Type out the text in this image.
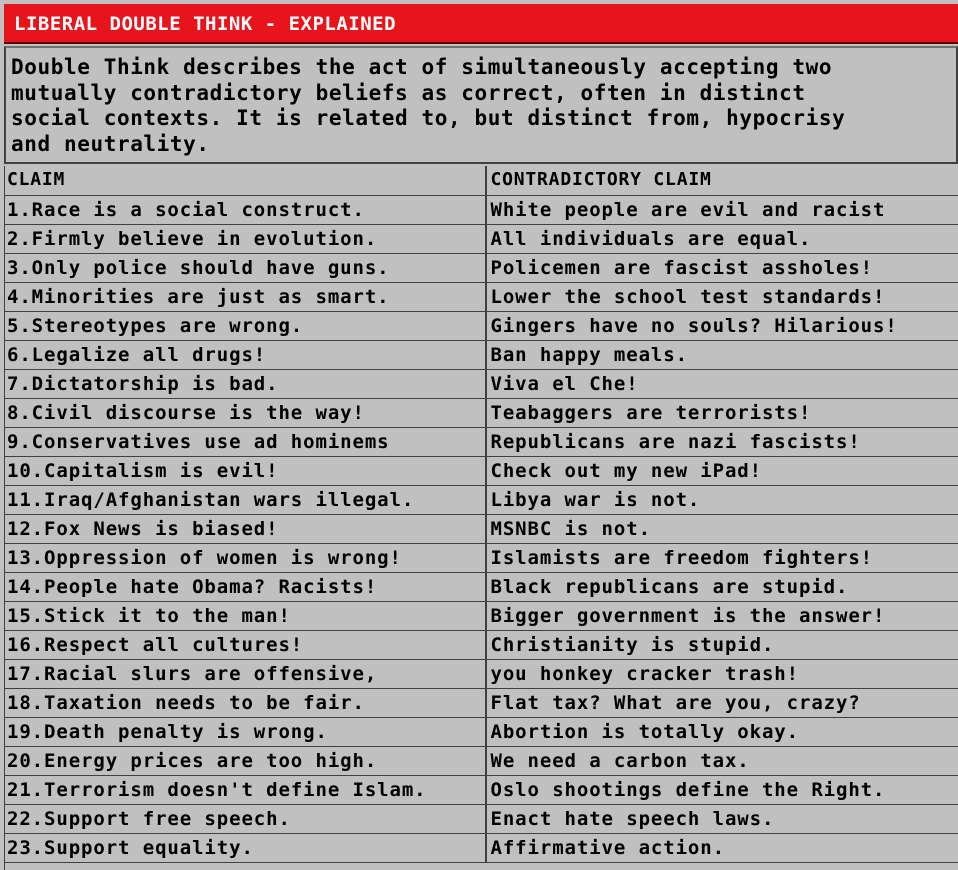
LIBERAL DOUBLE THINK - EXPLAINED
Double Think describes the act of simultaneously accepting two
mutually contradictory beliefs as correct, often in distinct
social contexts. It is related to, but distinct from, hypocrisy
and neutrality.
CLAIM	CONTRADICTORY CLAIM
1.Race is a social construct.	White people are evil and racist
2.Firmly believe in evolution.	All individuals are equal.
3.Only police should have guns.	Policemen are fascist assholes!
4.Minorities are just as smart.	Lower the school test standards!
5.Stereotypes are wrong.	Gingers have no souls? Hilarious!
6.Legalize all drugs!	Ban happy meals.
7.Dictatorship is bad.	Viva el Che!
8.Civil discourse is the way!	Teabaggers are terrorists!
9.Conservatives use ad hominems	Republicans are nazi fascists!
10.Capitalism is evil!	Check out my new iPad!
11.Iraq/Afghanistan wars illegal.	Libya war is not.
12.Fox News is biased!	MSNBC is not.
13.Oppression of women is wrong!	Islamists are freedom fighters!
14.People hate Obama? Racists!	Black republicans are stupid.
15.Stick it to the man!	Bigger government is the answer!
16.Respect all cultures!	Christianity is stupid.
17.Racial slurs are offensive,	you honkey cracker trash!
18.Taxation needs to be fair.	Flat tax? What are you, crazy?
19.Death penalty is wrong.	Abortion is totally okay.
20.Energy prices are too high.	We need a carbon tax.
21.Terrorism doesn't define Islam.	Oslo shootings define the Right.
22.Support free speech.	Enact hate speech laws.
23.Support equality.	Affirmative action.
